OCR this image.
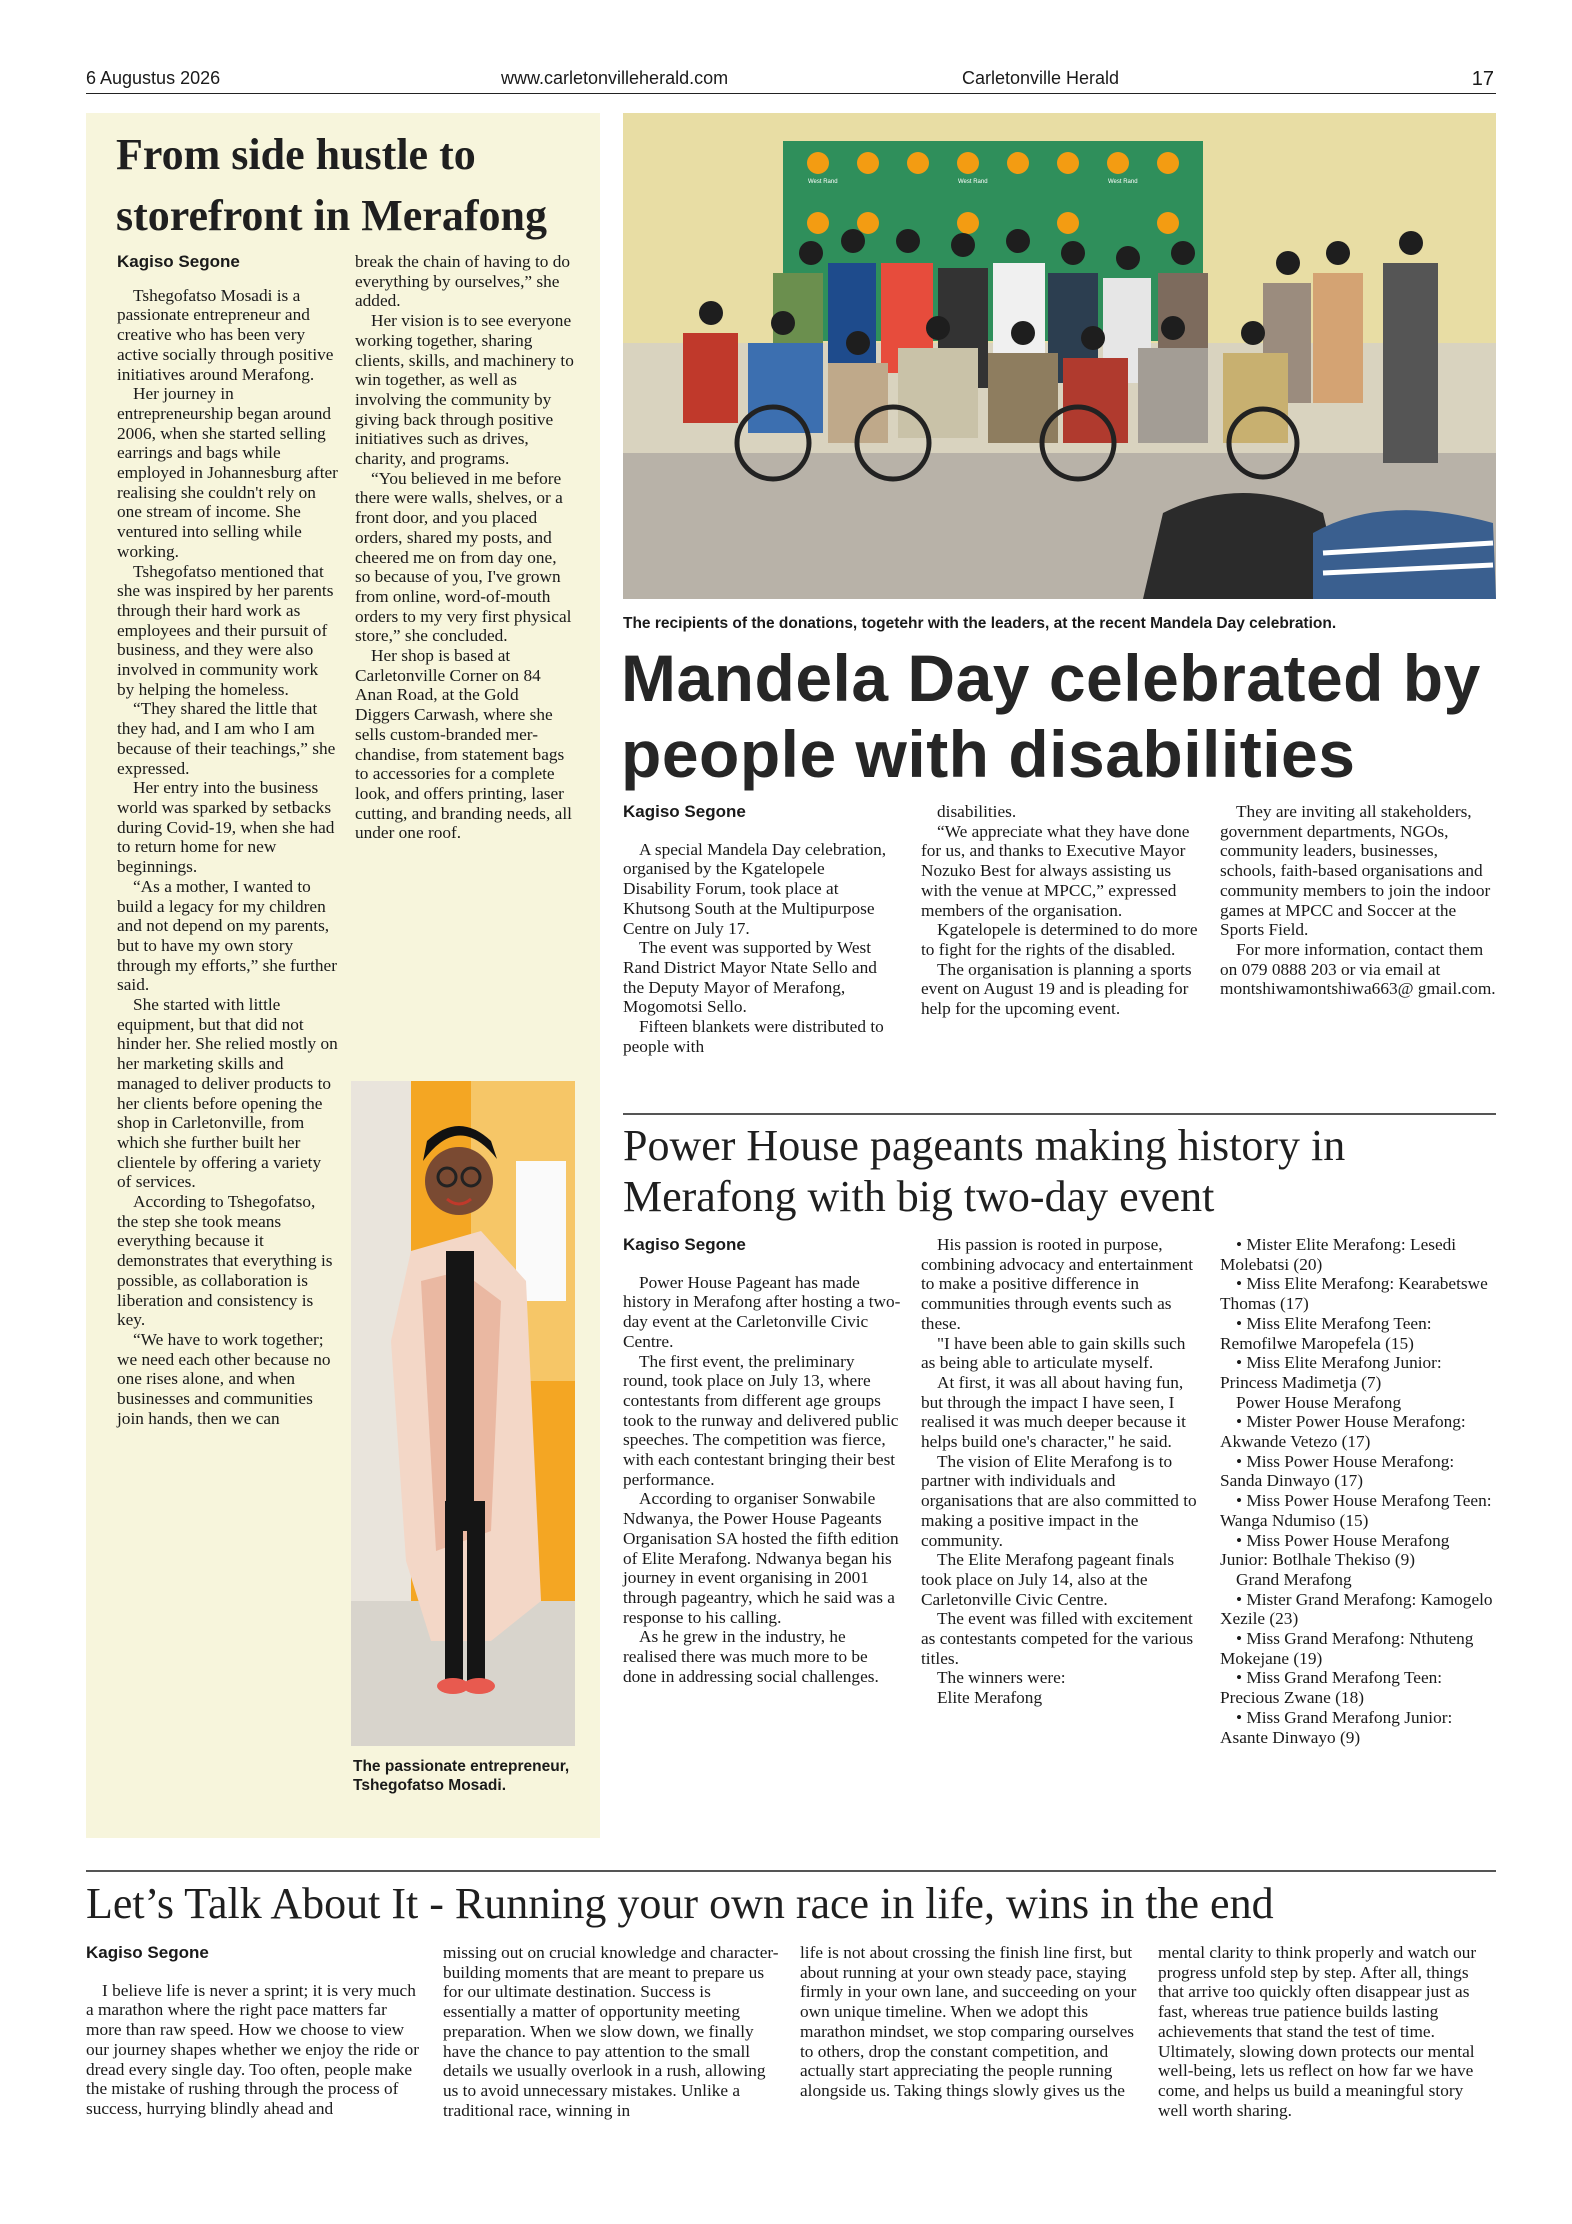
6 Augustus 2026	www.carletonvilleherald.com	Carletonville Herald	17
From side hustle to storefront in Merafong
Kagiso Segone

Tshegofatso Mosadi is a passionate entrepreneur and creative who has been very active socially through positive initiatives around Merafong.

Her journey in entrepreneurship began around 2006, when she started selling earrings and bags while employed in Johannesburg after realising she couldn't rely on one stream of income. She ventured into selling while working.

Tshegofatso mentioned that she was inspired by her parents through their hard work as employees and their pursuit of business, and they were also involved in community work by helping the homeless.

“They shared the little that they had, and I am who I am because of their teachings,” she expressed.

Her entry into the business world was sparked by setbacks during Covid-19, when she had to return home for new beginnings.

“As a mother, I wanted to build a legacy for my children and not depend on my parents, but to have my own story through my efforts,” she further said.

She started with little equipment, but that did not hinder her. She relied mostly on her marketing skills and managed to deliver products to her clients before opening the shop in Carletonville, from which she further built her clientele by offering a variety of services.

According to Tshegofatso, the step she took means everything because it demonstrates that everything is possible, as collaboration is liberation and consistency is key.

“We have to work together; we need each other because no one rises alone, and when businesses and communities join hands, then we can

break the chain of having to do everything by ourselves,” she added.

Her vision is to see everyone working together, sharing clients, skills, and machinery to win together, as well as involving the community by giving back through positive initiatives such as drives, charity, and programs.

“You believed in me before there were walls, shelves, or a front door, and you placed orders, shared my posts, and cheered me on from day one, so because of you, I've grown from online, word-of-mouth orders to my very first physical store,” she concluded.

Her shop is based at Carletonville Corner on 84 Anan Road, at the Gold Diggers Carwash, where she sells custom-branded mer-chandise, from statement bags to accessories for a complete look, and offers printing, laser cutting, and branding needs, all under one roof.

The passionate entrepreneur, Tshegofatso Mosadi.
West Rand	West Rand	West Rand
The recipients of the donations, togetehr with the leaders, at the recent Mandela Day celebration.
Mandela Day celebrated by people with disabilities
Kagiso Segone

A special Mandela Day celebration, organised by the Kgatelopele Disability Forum, took place at Khutsong South at the Multipurpose Centre on July 17.

The event was supported by West Rand District Mayor Ntate Sello and the Deputy Mayor of Merafong, Mogomotsi Sello.

Fifteen blankets were distributed to people with

disabilities.

“We appreciate what they have done for us, and thanks to Executive Mayor Nozuko Best for always assisting us with the venue at MPCC,” expressed members of the organisation.

Kgatelopele is determined to do more to fight for the rights of the disabled.

The organisation is planning a sports event on August 19 and is pleading for help for the upcoming event.

They are inviting all stakeholders, government departments, NGOs, community leaders, businesses, schools, faith-based organisations and community members to join the indoor games at MPCC and Soccer at the Sports Field.

For more information, contact them on 079 0888 203 or via email at montshiwamontshiwa663@ gmail.com.

Power House pageants making history in Merafong with big two-day event
Kagiso Segone

Power House Pageant has made history in Merafong after hosting a two-day event at the Carletonville Civic Centre.

The first event, the preliminary round, took place on July 13, where contestants from different age groups took to the runway and delivered public speeches. The competition was fierce, with each contestant bringing their best performance.

According to organiser Sonwabile Ndwanya, the Power House Pageants Organisation SA hosted the fifth edition of Elite Merafong. Ndwanya began his journey in event organising in 2001 through pageantry, which he said was a response to his calling.

As he grew in the industry, he realised there was much more to be done in addressing social challenges.

His passion is rooted in purpose, combining advocacy and entertainment to make a positive difference in communities through events such as these.

"I have been able to gain skills such as being able to articulate myself.

At first, it was all about having fun, but through the impact I have seen, I realised it was much deeper because it helps build one's character," he said.

The vision of Elite Merafong is to partner with individuals and organisations that are also committed to making a positive impact in the community.

The Elite Merafong pageant finals took place on July 14, also at the Carletonville Civic Centre.

The event was filled with excitement as contestants competed for the various titles.

The winners were:

Elite Merafong

• Mister Elite Merafong: Lesedi Molebatsi (20)

• Miss Elite Merafong: Kearabetswe Thomas (17)

• Miss Elite Merafong Teen: Remofilwe Maropefela (15)

• Miss Elite Merafong Junior: Princess Madimetja (7)

Power House Merafong

• Mister Power House Merafong: Akwande Vetezo (17)

• Miss Power House Merafong: Sanda Dinwayo (17)

• Miss Power House Merafong Teen: Wanga Ndumiso (15)

• Miss Power House Merafong Junior: Botlhale Thekiso (9)

Grand Merafong

• Mister Grand Merafong: Kamogelo Xezile (23)

• Miss Grand Merafong: Nthuteng Mokejane (19)

• Miss Grand Merafong Teen: Precious Zwane (18)

• Miss Grand Merafong Junior: Asante Dinwayo (9)

Let’s Talk About It - Running your own race in life, wins in the end
Kagiso Segone

I believe life is never a sprint; it is very much a marathon where the right pace matters far more than raw speed. How we choose to view our journey shapes whether we enjoy the ride or dread every single day. Too often, people make the mistake of rushing through the process of success, hurrying blindly ahead and

missing out on crucial knowledge and character-building moments that are meant to prepare us for our ultimate destination. Success is essentially a matter of opportunity meeting preparation. When we slow down, we finally have the chance to pay attention to the small details we usually overlook in a rush, allowing us to avoid unnecessary mistakes. Unlike a traditional race, winning in

life is not about crossing the finish line first, but about running at your own steady pace, staying firmly in your own lane, and succeeding on your own unique timeline. When we adopt this marathon mindset, we stop comparing ourselves to others, drop the constant competition, and actually start appreciating the people running alongside us. Taking things slowly gives us the

mental clarity to think properly and watch our progress unfold step by step. After all, things that arrive too quickly often disappear just as fast, whereas true patience builds lasting achievements that stand the test of time. Ultimately, slowing down protects our mental well-being, lets us reflect on how far we have come, and helps us build a meaningful story well worth sharing.
